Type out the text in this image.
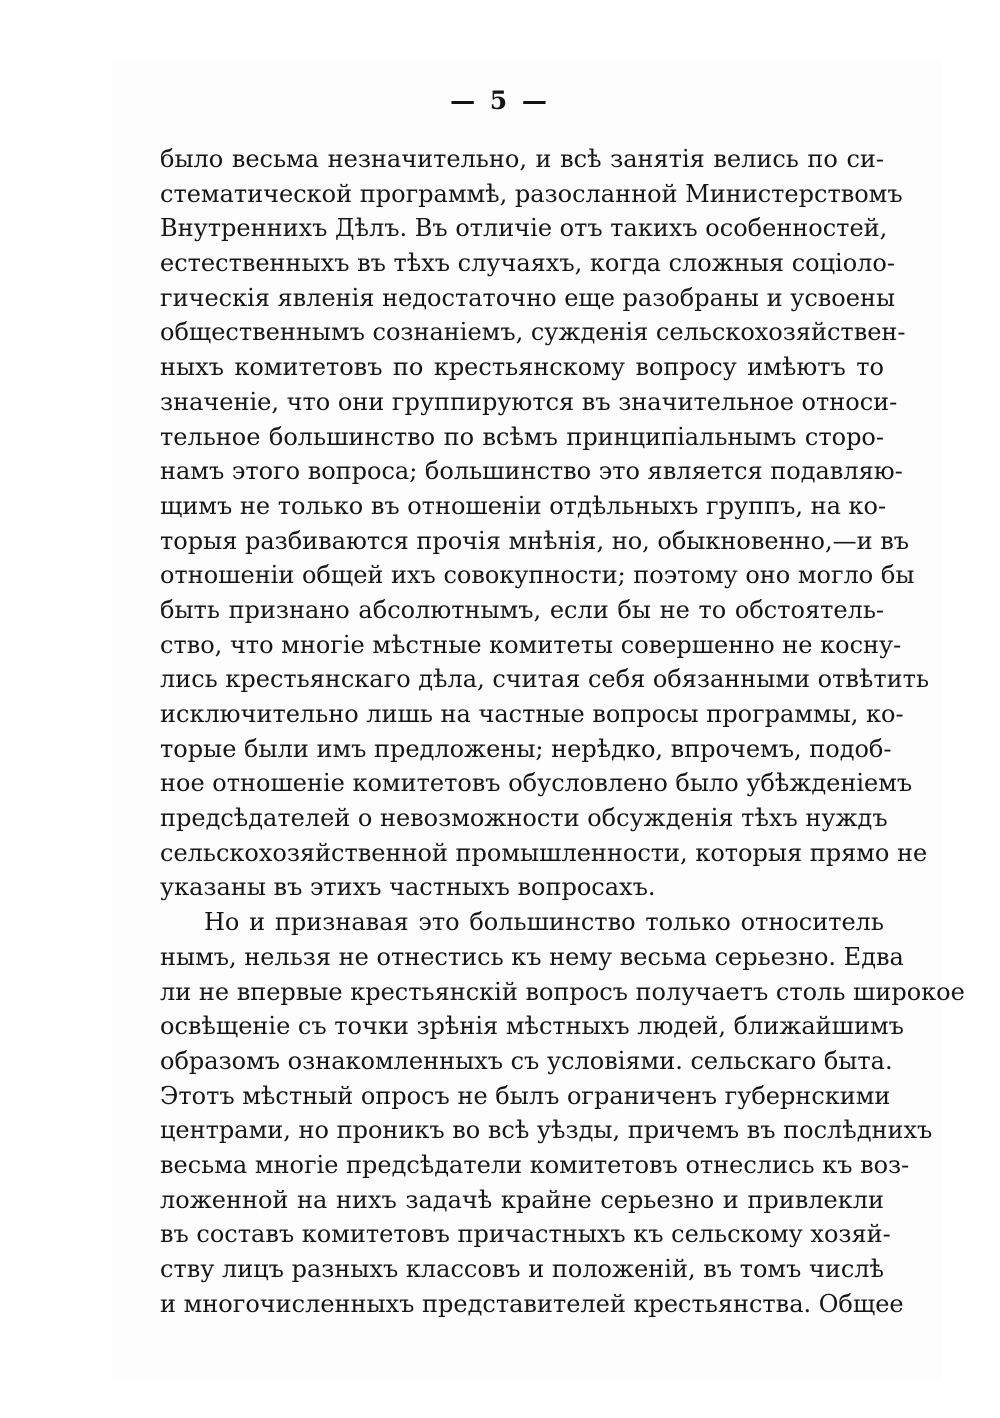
— 5 —
было весьма незначительно, и всѣ занятія велись по си-
стематической программѣ, разосланной Министерствомъ
Внутреннихъ Дѣлъ. Въ отличіе отъ такихъ особенностей,
естественныхъ въ тѣхъ случаяхъ, когда сложныя соціоло-
гическія явленія недостаточно еще разобраны и усвоены
общественнымъ сознаніемъ, сужденія сельскохозяйствен-
ныхъ комитетовъ по крестьянскому вопросу имѣютъ то
значеніе, что они группируются въ значительное относи-
тельное большинство по всѣмъ принципіальнымъ сторо-
намъ этого вопроса; большинство это является подавляю-
щимъ не только въ отношеніи отдѣльныхъ группъ, на ко-
торыя разбиваются прочія мнѣнія, но, обыкновенно,—и въ
отношеніи общей ихъ совокупности; поэтому оно могло бы
быть признано абсолютнымъ, если бы не то обстоятель-
ство, что многіе мѣстные комитеты совершенно не косну-
лись крестьянскаго дѣла, считая себя обязанными отвѣтить
исключительно лишь на частные вопросы программы, ко-
торые были имъ предложены; нерѣдко, впрочемъ, подоб-
ное отношеніе комитетовъ обусловлено было убѣжденіемъ
предсѣдателей о невозможности обсужденія тѣхъ нуждъ
сельскохозяйственной промышленности, которыя прямо не
указаны въ этихъ частныхъ вопросахъ.
Но и признавая это большинство только относитель
нымъ, нельзя не отнестись къ нему весьма серьезно. Едва
ли не впервые крестьянскій вопросъ получаетъ столь широкое
освѣщеніе съ точки зрѣнія мѣстныхъ людей, ближайшимъ
образомъ ознакомленныхъ съ условіями. сельскаго быта.
Этотъ мѣстный опросъ не былъ ограниченъ губернскими
центрами, но проникъ во всѣ уѣзды, причемъ въ послѣднихъ
весьма многіе предсѣдатели комитетовъ отнеслись къ воз-
ложенной на нихъ задачѣ крайне серьезно и привлекли
въ составъ комитетовъ причастныхъ къ сельскому хозяй-
ству лицъ разныхъ классовъ и положеній, въ томъ числѣ
и многочисленныхъ представителей крестьянства. Общее
